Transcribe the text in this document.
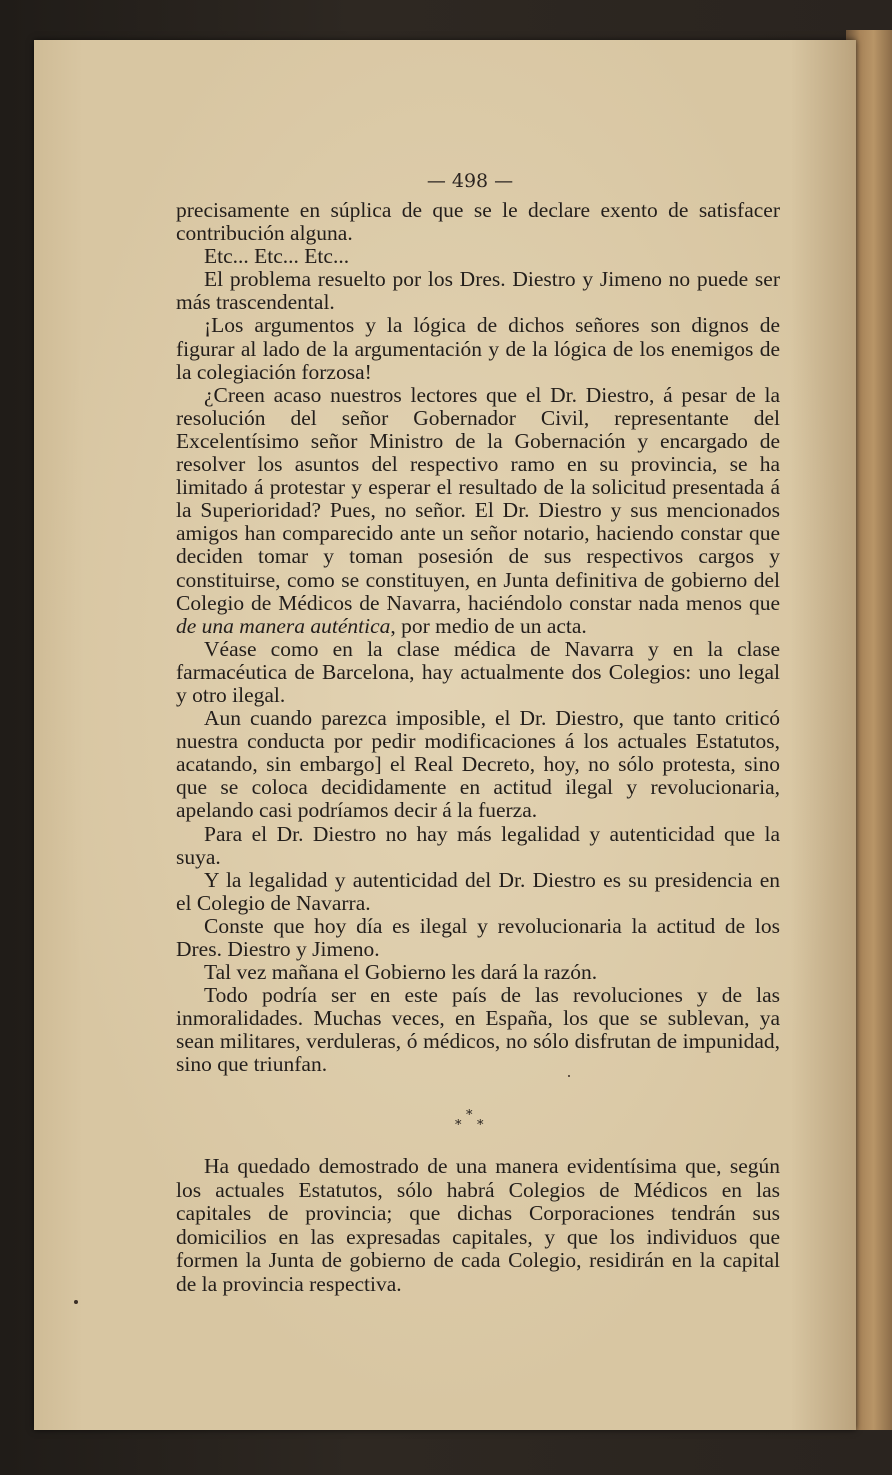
— 498 —

precisamente en súplica de que se le declare exento de satisfacer contribución alguna.

Etc... Etc... Etc...

El problema resuelto por los Dres. Diestro y Jimeno no puede ser más trascendental.

¡Los argumentos y la lógica de dichos señores son dignos de figurar al lado de la argumentación y de la lógica de los enemigos de la colegiación forzosa!

¿Creen acaso nuestros lectores que el Dr. Diestro, á pesar de la resolución del señor Gobernador Civil, representante del Excelentísimo señor Ministro de la Gobernación y encargado de resolver los asuntos del respectivo ramo en su provincia, se ha limitado á protestar y esperar el resultado de la solicitud presentada á la Superioridad? Pues, no señor. El Dr. Diestro y sus mencionados amigos han comparecido ante un señor notario, haciendo constar que deciden tomar y toman posesión de sus respectivos cargos y constituirse, como se constituyen, en Junta definitiva de gobierno del Colegio de Médicos de Navarra, haciéndolo constar nada menos que de una manera auténtica, por medio de un acta.

Véase como en la clase médica de Navarra y en la clase farmacéutica de Barcelona, hay actualmente dos Colegios: uno legal y otro ilegal.

Aun cuando parezca imposible, el Dr. Diestro, que tanto criticó nuestra conducta por pedir modificaciones á los actuales Estatutos, acatando, sin embargo] el Real Decreto, hoy, no sólo protesta, sino que se coloca decididamente en actitud ilegal y revolucionaria, apelando casi podríamos decir á la fuerza.

Para el Dr. Diestro no hay más legalidad y autenticidad que la suya.

Y la legalidad y autenticidad del Dr. Diestro es su presidencia en el Colegio de Navarra.

Conste que hoy día es ilegal y revolucionaria la actitud de los Dres. Diestro y Jimeno.

Tal vez mañana el Gobierno les dará la razón.

Todo podría ser en este país de las revoluciones y de las inmoralidades. Muchas veces, en España, los que se sublevan, ya sean militares, verduleras, ó médicos, no sólo disfrutan de impunidad, sino que triunfan.

*
* *

Ha quedado demostrado de una manera evidentísima que, según los actuales Estatutos, sólo habrá Colegios de Médicos en las capitales de provincia; que dichas Corporaciones tendrán sus domicilios en las expresadas capitales, y que los individuos que formen la Junta de gobierno de cada Colegio, residirán en la capital de la provincia respectiva.
